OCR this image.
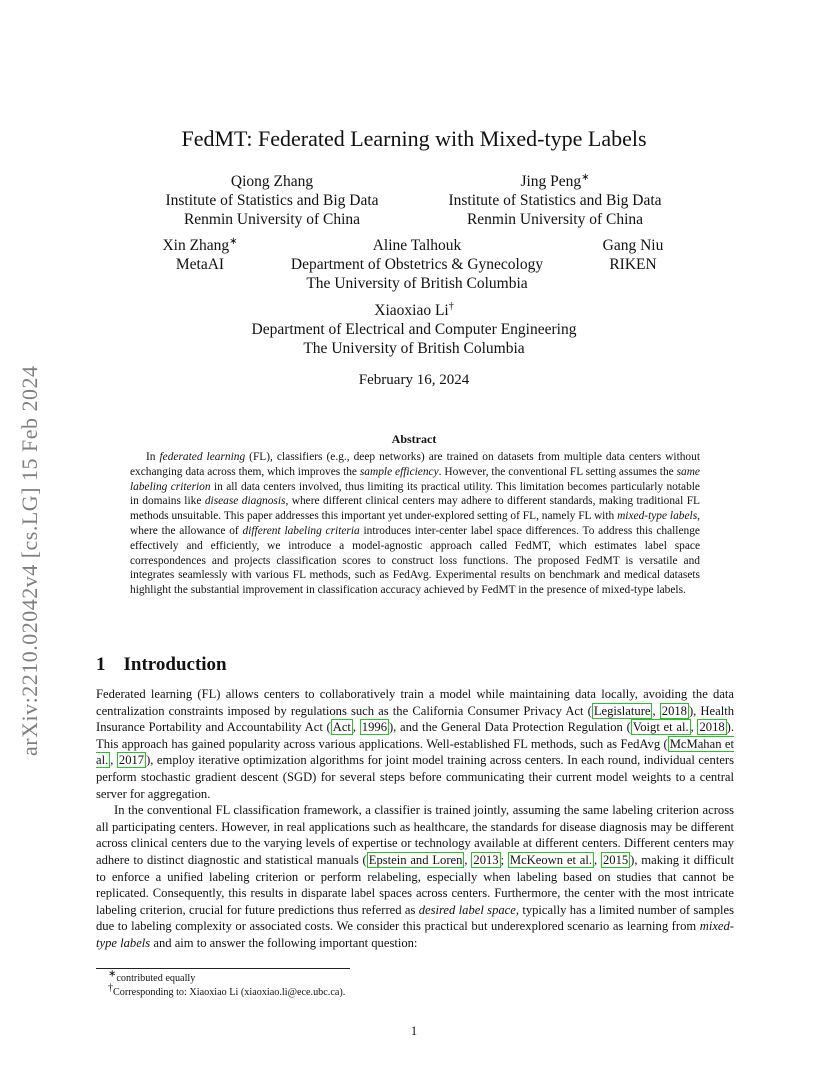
arXiv:2210.02042v4 [cs.LG] 15 Feb 2024
FedMT: Federated Learning with Mixed-type Labels
Qiong Zhang
Institute of Statistics and Big Data
Renmin University of China
Jing Peng∗
Institute of Statistics and Big Data
Renmin University of China
Xin Zhang∗
MetaAI
Aline Talhouk
Department of Obstetrics & Gynecology
The University of British Columbia
Gang Niu
RIKEN
Xiaoxiao Li†
Department of Electrical and Computer Engineering
The University of British Columbia
February 16, 2024
Abstract
In federated learning (FL), classifiers (e.g., deep networks) are trained on datasets from multiple data centers without exchanging data across them, which improves the sample efficiency. However, the conventional FL setting assumes the same labeling criterion in all data centers involved, thus limiting its practical utility. This limitation becomes particularly notable in domains like disease diagnosis, where different clinical centers may adhere to different standards, making traditional FL methods unsuitable. This paper addresses this important yet under-explored setting of FL, namely FL with mixed-type labels, where the allowance of different labeling criteria introduces inter-center label space differences. To address this challenge effectively and efficiently, we introduce a model-agnostic approach called FedMT, which estimates label space correspondences and projects classification scores to construct loss functions. The proposed FedMT is versatile and integrates seamlessly with various FL methods, such as FedAvg. Experimental results on benchmark and medical datasets highlight the substantial improvement in classification accuracy achieved by FedMT in the presence of mixed-type labels.
1 Introduction

Federated learning (FL) allows centers to collaboratively train a model while maintaining data locally, avoiding the data centralization constraints imposed by regulations such as the California Consumer Privacy Act ( Legislature , 2018 ), Health Insurance Portability and Accountability Act ( Act , 1996 ), and the General Data Protection Regulation ( Voigt et al. , 2018 ). This approach has gained popularity across various applications. Well-established FL methods, such as FedAvg ( McMahan et al. , 2017 ), employ iterative optimization algorithms for joint model training across centers. In each round, individual centers perform stochastic gradient descent (SGD) for several steps before communicating their current model weights to a central server for aggregation.

In the conventional FL classification framework, a classifier is trained jointly, assuming the same labeling criterion across all participating centers. However, in real applications such as healthcare, the standards for disease diagnosis may be different across clinical centers due to the varying levels of expertise or technology available at different centers. Different centers may adhere to distinct diagnostic and statistical manuals ( Epstein and Loren , 2013 ; McKeown et al. , 2015 ), making it difficult to enforce a unified labeling criterion or perform relabeling, especially when labeling based on studies that cannot be replicated. Consequently, this results in disparate label spaces across centers. Furthermore, the center with the most intricate labeling criterion, crucial for future predictions thus referred as desired label space, typically has a limited number of samples due to labeling complexity or associated costs. We consider this practical but underexplored scenario as learning from mixed-type labels and aim to answer the following important question:

∗contributed equally
†Corresponding to: Xiaoxiao Li (xiaoxiao.li@ece.ubc.ca).
1
